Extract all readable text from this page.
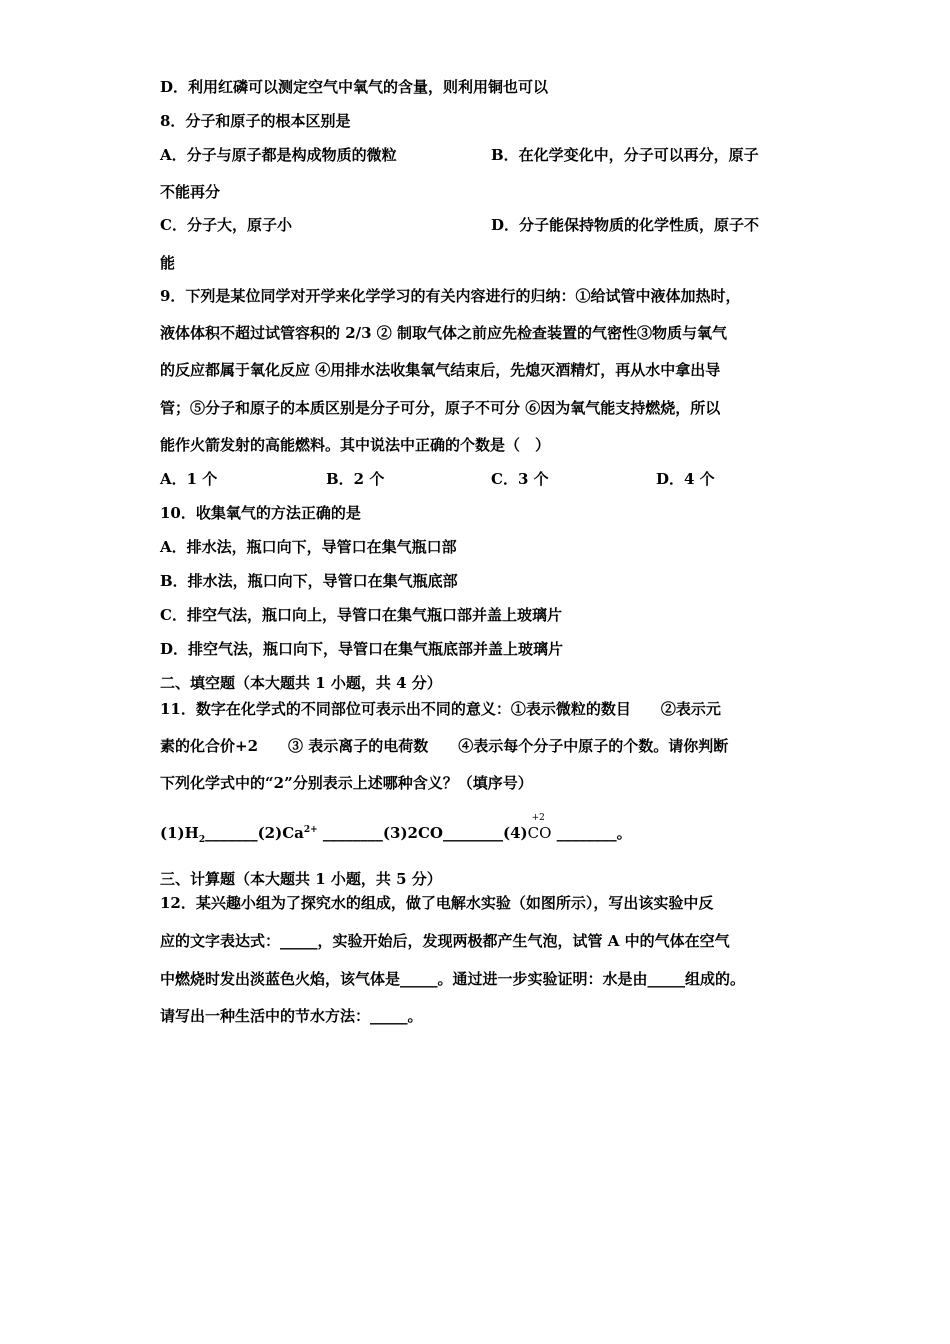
D．利用红磷可以测定空气中氧气的含量，则利用铜也可以
8．分子和原子的根本区别是
A．分子与原子都是构成物质的微粒	B．在化学变化中，分子可以再分，原子
不能再分
C．分子大，原子小	D．分子能保持物质的化学性质，原子不
能
9．下列是某位同学对开学来化学学习的有关内容进行的归纳：①给试管中液体加热时，
液体体积不超过试管容积的 2/3 ② 制取气体之前应先检查装置的气密性③物质与氧气
的反应都属于氧化反应 ④用排水法收集氧气结束后，先熄灭酒精灯，再从水中拿出导
管；⑤分子和原子的本质区别是分子可分，原子不可分 ⑥因为氧气能支持燃烧，所以
能作火箭发射的高能燃料。其中说法中正确的个数是（　）
A．1 个	B．2 个	C．3 个	D．4 个
10．收集氧气的方法正确的是
A．排水法，瓶口向下，导管口在集气瓶口部
B．排水法，瓶口向下，导管口在集气瓶底部
C．排空气法，瓶口向上，导管口在集气瓶口部并盖上玻璃片
D．排空气法，瓶口向下，导管口在集气瓶底部并盖上玻璃片
二、填空题（本大题共 1 小题，共 4 分）
11．数字在化学式的不同部位可表示出不同的意义：①表示微粒的数目　　②表示元
素的化合价+2　　③ 表示离子的电荷数　　④表示每个分子中原子的个数。请你判断
下列化学式中的“2”分别表示上述哪种含义？（填序号）
$(1)H_2\_\_\_\_\_\_\_(2)Ca^{2+}$ ________(3)2CO________(4)
+2
CO ________。
三、计算题（本大题共 1 小题，共 5 分）
12．某兴趣小组为了探究水的组成，做了电解水实验（如图所示），写出该实验中反
应的文字表达式：_____，实验开始后，发现两极都产生气泡，试管 A 中的气体在空气
中燃烧时发出淡蓝色火焰，该气体是_____。通过进一步实验证明：水是由_____组成的。
请写出一种生活中的节水方法：_____。
